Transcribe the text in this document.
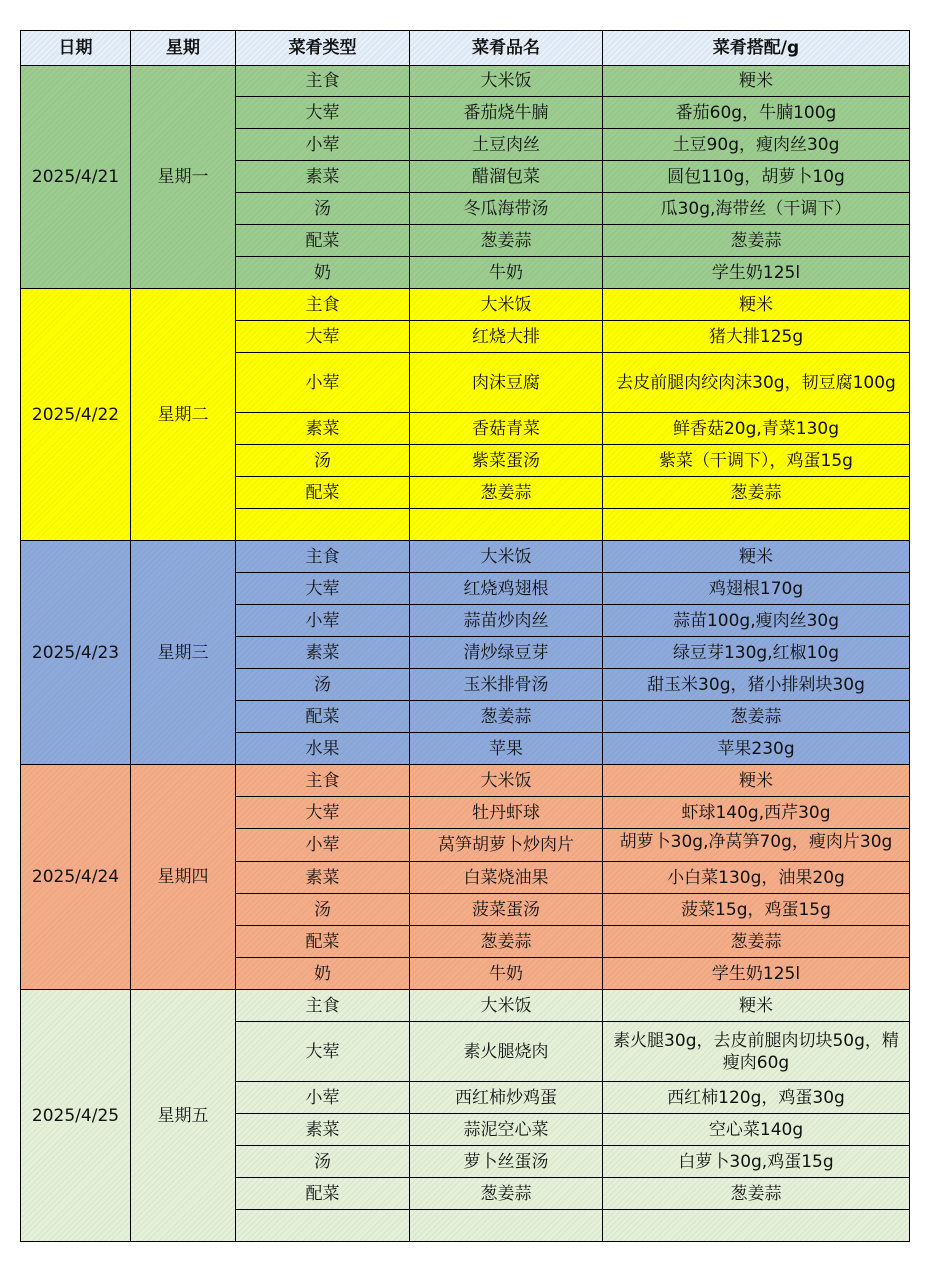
日期	星期	菜肴类型	菜肴品名	菜肴搭配/g
2025/4/21	星期一	主食	大米饭	粳米
		大荤	番茄烧牛腩	番茄60g，牛腩100g
		小荤	土豆肉丝	土豆90g，瘦肉丝30g
		素菜	醋溜包菜	圆包110g，胡萝卜10g
		汤	冬瓜海带汤	瓜30g,海带丝（干调下）
		配菜	葱姜蒜	葱姜蒜
		奶	牛奶	学生奶125l
2025/4/22	星期二	主食	大米饭	粳米
		大荤	红烧大排	猪大排125g
		小荤	肉沫豆腐	去皮前腿肉绞肉沫30g，韧豆腐100g
		素菜	香菇青菜	鲜香菇20g,青菜130g
		汤	紫菜蛋汤	紫菜（干调下），鸡蛋15g
		配菜	葱姜蒜	葱姜蒜

2025/4/23	星期三	主食	大米饭	粳米
		大荤	红烧鸡翅根	鸡翅根170g
		小荤	蒜苗炒肉丝	蒜苗100g,瘦肉丝30g
		素菜	清炒绿豆芽	绿豆芽130g,红椒10g
		汤	玉米排骨汤	甜玉米30g，猪小排剁块30g
		配菜	葱姜蒜	葱姜蒜
		水果	苹果	苹果230g
2025/4/24	星期四	主食	大米饭	粳米
		大荤	牡丹虾球	虾球140g,西芹30g
		小荤	莴笋胡萝卜炒肉片	胡萝卜30g,净莴笋70g，瘦肉片30g

		素菜	白菜烧油果	小白菜130g，油果20g
		汤	菠菜蛋汤	菠菜15g，鸡蛋15g
		配菜	葱姜蒜	葱姜蒜
		奶	牛奶	学生奶125l
2025/4/25	星期五	主食	大米饭	粳米
		大荤	素火腿烧肉	素火腿30g，去皮前腿肉切块50g，精瘦肉60g
		小荤	西红柿炒鸡蛋	西红柿120g，鸡蛋30g
		素菜	蒜泥空心菜	空心菜140g
		汤	萝卜丝蛋汤	白萝卜30g,鸡蛋15g
		配菜	葱姜蒜	葱姜蒜
